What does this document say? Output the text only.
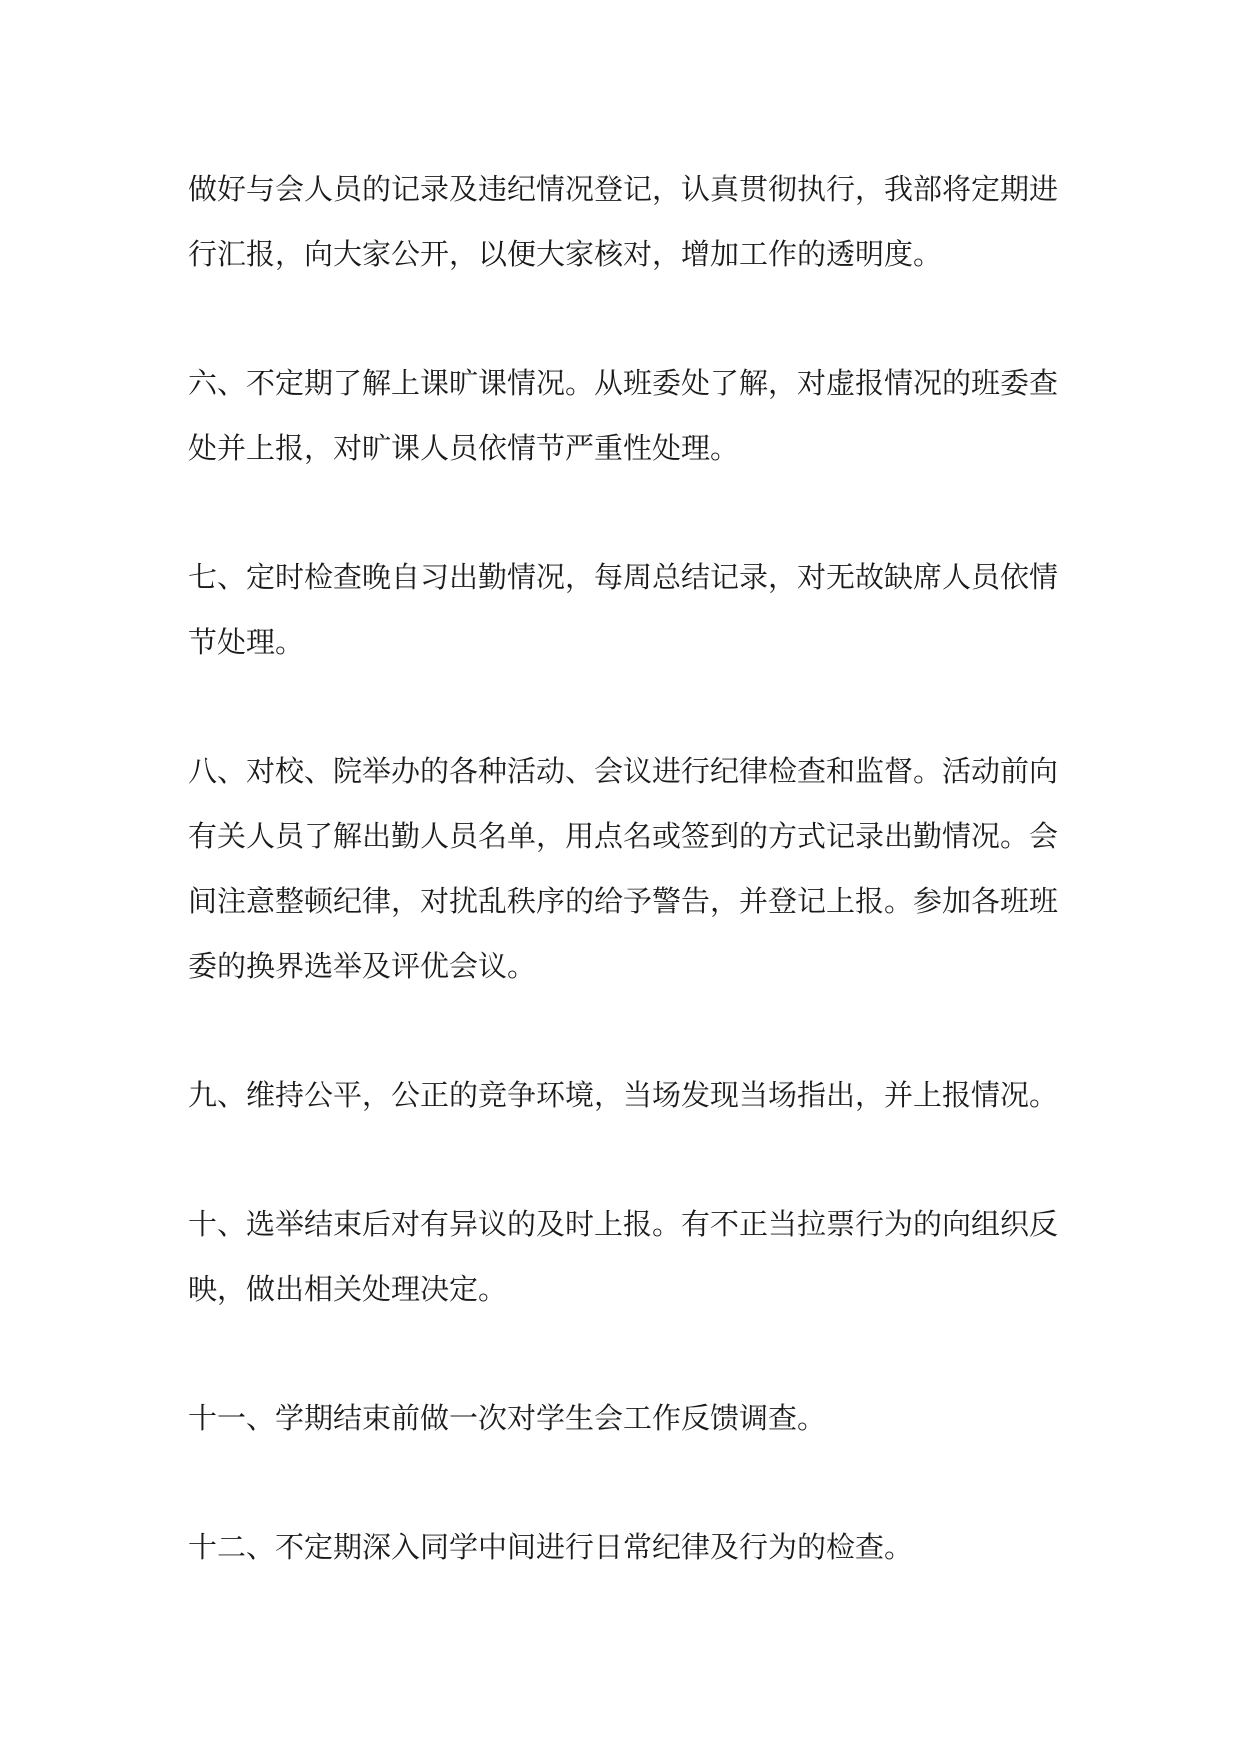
做好与会人员的记录及违纪情况登记，认真贯彻执行，我部将定期进
行汇报，向大家公开，以便大家核对，增加工作的透明度。

六、不定期了解上课旷课情况。从班委处了解，对虚报情况的班委查
处并上报，对旷课人员依情节严重性处理。

七、定时检查晚自习出勤情况，每周总结记录，对无故缺席人员依情
节处理。

八、对校、院举办的各种活动、会议进行纪律检查和监督。活动前向
有关人员了解出勤人员名单，用点名或签到的方式记录出勤情况。会
间注意整顿纪律，对扰乱秩序的给予警告，并登记上报。参加各班班
委的换界选举及评优会议。

九、维持公平，公正的竞争环境，当场发现当场指出，并上报情况。

十、选举结束后对有异议的及时上报。有不正当拉票行为的向组织反
映，做出相关处理决定。

十一、学期结束前做一次对学生会工作反馈调查。

十二、不定期深入同学中间进行日常纪律及行为的检查。
